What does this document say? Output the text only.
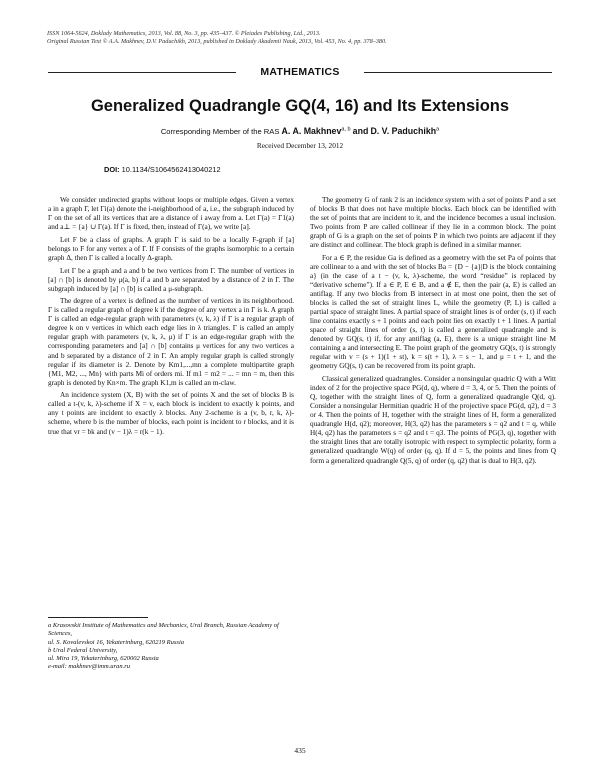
ISSN 1064-5624, Doklady Mathematics, 2013, Vol. 88, No. 3, pp. 435–437. © Pleiades Publishing, Ltd., 2013.
Original Russian Text © A.A. Makhnev, D.V. Paduchikh, 2013, published in Doklady Akademii Nauk, 2013, Vol. 453, No. 4, pp. 378–380.
MATHEMATICS
Generalized Quadrangle GQ(4, 16) and Its Extensions
Corresponding Member of the RAS A. A. Makhnev$^{a, b}$ and D. V. Paduchikh$^a$
Received December 13, 2012
DOI: 10.1134/S1064562413040212

We consider undirected graphs without loops or multiple edges. Given a vertex a in a graph Γ, let Γi(a) denote the i-neighborhood of a, i.e., the subgraph induced by Γ on the set of all its vertices that are a distance of i away from a. Let Γ(a) = Γ1(a) and a⊥ = {a} ∪ Γ(a). If Γ is fixed, then, instead of Γ(a), we write [a].

Let F be a class of graphs. A graph Γ is said to be a locally F-graph if [a] belongs to F for any vertex a of Γ. If F consists of the graphs isomorphic to a certain graph Δ, then Γ is called a locally Δ-graph.

Let Γ be a graph and a and b be two vertices from Γ. The number of vertices in [a] ∩ [b] is denoted by μ(a, b) if a and b are separated by a distance of 2 in Γ. The subgraph induced by [a] ∩ [b] is called a μ-subgraph.

The degree of a vertex is defined as the number of vertices in its neighborhood. Γ is called a regular graph of degree k if the degree of any vertex a in Γ is k. A graph Γ is called an edge-regular graph with parameters (v, k, λ) if Γ is a regular graph of degree k on v vertices in which each edge lies in λ triangles. Γ is called an amply regular graph with parameters (v, k, λ, μ) if Γ is an edge-regular graph with the corresponding parameters and [a] ∩ [b] contains μ vertices for any two vertices a and b separated by a distance of 2 in Γ. An amply regular graph is called strongly regular if its diameter is 2. Denote by Km1,...,mn a complete multipartite graph {M1, M2, ..., Mn} with parts Mi of orders mi. If m1 = m2 = ... = mn = m, then this graph is denoted by Kn×m. The graph K1,m is called an m-claw.

An incidence system (X, B) with the set of points X and the set of blocks B is called a t-(v, k, λ)-scheme if X = v, each block is incident to exactly k points, and any t points are incident to exactly λ blocks. Any 2-scheme is a (v, b, r, k, λ)-scheme, where b is the number of blocks, each point is incident to r blocks, and it is true that vr = bk and (v − 1)λ = r(k − 1).

a Krasovskii Institute of Mathematics and Mechanics, Ural Branch, Russian Academy of Sciences,
ul. S. Kovalevskoi 16, Yekaterinburg, 620219 Russia
b Ural Federal University,
ul. Mira 19, Yekaterinburg, 620002 Russia
e-mail: makhnev@imm.uran.ru

The geometry G of rank 2 is an incidence system with a set of points P and a set of blocks B that does not have multiple blocks. Each block can be identified with the set of points that are incident to it, and the incidence becomes a usual inclusion. Two points from P are called collinear if they lie in a common block. The point graph of G is a graph on the set of points P in which two points are adjacent if they are distinct and collinear. The block graph is defined in a similar manner.

For a ∈ P, the residue Ga is defined as a geometry with the set Pa of points that are collinear to a and with the set of blocks Ba = {D − {a}|D is the block containing a} (in the case of a t − (v, k, λ)-scheme, the word “residue” is replaced by “derivative scheme”). If a ∈ P, E ∈ B, and a ∉ E, then the pair (a, E) is called an antiflag. If any two blocks from B intersect in at most one point, then the set of blocks is called the set of straight lines L, while the geometry (P, L) is called a partial space of straight lines. A partial space of straight lines is of order (s, t) if each line contains exactly s + 1 points and each point lies on exactly t + 1 lines. A partial space of straight lines of order (s, t) is called a generalized quadrangle and is denoted by GQ(s, t) if, for any antiflag (a, E), there is a unique straight line M containing a and intersecting E. The point graph of the geometry GQ(s, t) is strongly regular with v = (s + 1)(1 + st), k = s(t + 1), λ = s − 1, and μ = t + 1, and the geometry GQ(s, t) can be recovered from its point graph.

Classical generalized quadrangles. Consider a nonsingular quadric Q with a Witt index of 2 for the projective space PG(d, q), where d = 3, 4, or 5. Then the points of Q, together with the straight lines of Q, form a generalized quadrangle Q(d, q). Consider a nonsingular Hermitian quadric H of the projective space PG(d, q2), d = 3 or 4. Then the points of H, together with the straight lines of H, form a generalized quadrangle H(d, q2); moreover, H(3, q2) has the parameters s = q2 and t = q, while H(4, q2) has the parameters s = q2 and t = q3. The points of PG(3, q), together with the straight lines that are totally isotropic with respect to symplectic polarity, form a generalized quadrangle W(q) of order (q, q). If d = 5, the points and lines from Q form a generalized quadrangle Q(5, q) of order (q, q2) that is dual to H(3, q2).

435
